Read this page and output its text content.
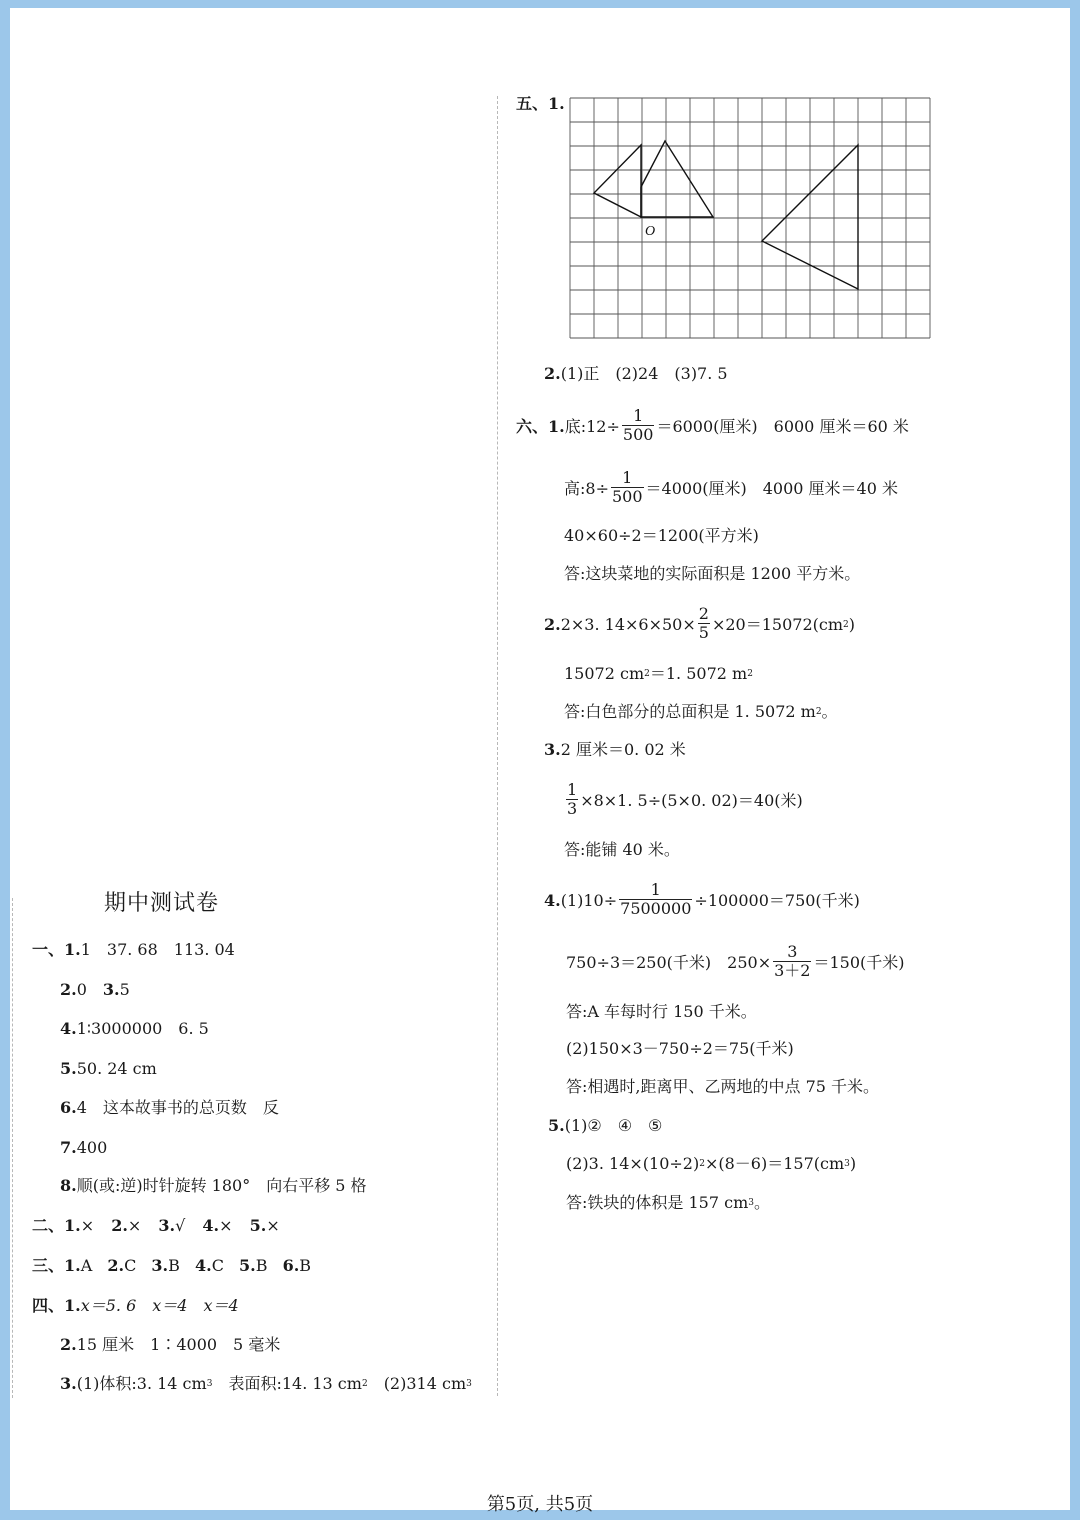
期中测试卷
一、1.1　37. 68　113. 04
2.0　3.5
4.1∶3000000　6. 5
5.50. 24 cm
6.4　这本故事书的总页数　反
7.400
8.顺(或:逆)时针旋转 180°　向右平移 5 格
二、1.× 2.× 3.√ 4.× 5.×
三、1.A 2.C 3.B 4.C 5.B 6.B
四、1.x＝5. 6　x＝4　x＝4
2.15 厘米　1∶4000　5 毫米
3.(1)体积:3. 14 $cm^3$　表面积:14. 13 $cm^2$　(2)314 $cm^3$
五、1.
O
2.(1)正　(2)24　(3)7. 5
六、1.底:12÷ $\frac{1}{500} =6000$(厘米)　6000 厘米＝60 米
高:8÷ $\frac{1}{500} =4000$(厘米)　4000 厘米＝40 米
40×60÷2＝1200(平方米)
答:这块菜地的实际面积是 1200 平方米。
2.2×3. $14\times 6\times 50\times \frac{2}{5} \times 20=15072(cm^2)$
15072 $cm^2=1$. 5072 $m^2$
答:白色部分的总面积是 1. 5072 $m^2$。
3.2 厘米＝0. 02 米
$\frac{1}{3} \times 8\times 1$. 5÷(5×0. 02)＝40(米)
答:能铺 40 米。
$4.(1)10\div \frac{1}{7500000} \div 100000=750$(千米)
750÷3＝250(千米)　$250\times \frac{3}{3+2} =150$(千米)
答:A 车每时行 150 千米。
(2)150×3－750÷2＝75(千米)
答:相遇时,距离甲、乙两地的中点 75 千米。
5.(1)②　④　⑤
(2)3. $14\times(10\div 2)^2\times(8-6)=157(cm^3)$
答:铁块的体积是 157 $cm^3$。
第5页, 共5页
